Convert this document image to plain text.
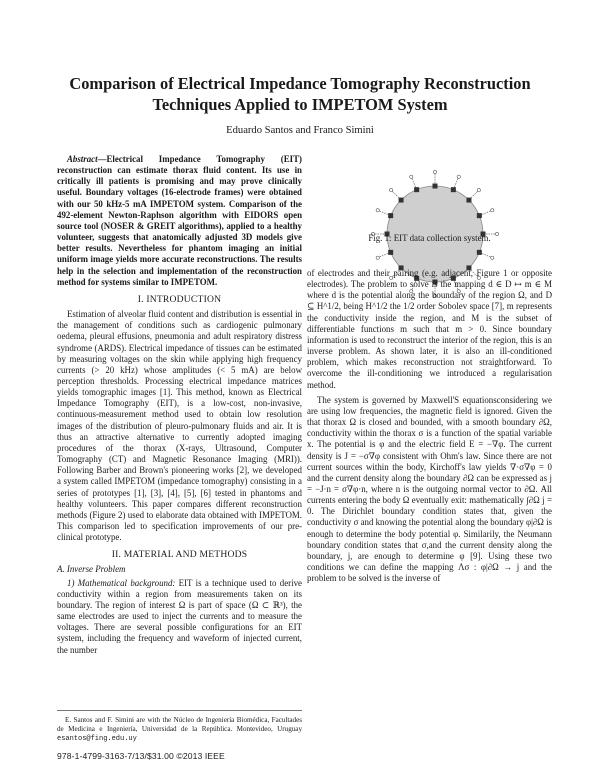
Comparison of Electrical Impedance Tomography Reconstruction
Techniques Applied to IMPETOM System
Eduardo Santos and Franco Simini

Abstract—Electrical Impedance Tomography (EIT) reconstruction can estimate thorax fluid content. Its use in critically ill patients is promising and may prove clinically useful. Boundary voltages (16-electrode frames) were obtained with our 50 kHz-5 mA IMPETOM system. Comparison of the 492-element Newton-Raphson algorithm with EIDORS open source tool (NOSER & GREIT algorithms), applied to a healthy volunteer, suggests that anatomically adjusted 3D models give better results. Nevertheless for phantom imaging an initial uniform image yields more accurate reconstructions. The results help in the selection and implementation of the reconstruction method for systems similar to IMPETOM.

I. INTRODUCTION

Estimation of alveolar fluid content and distribution is essential in the management of conditions such as cardiogenic pulmonary oedema, pleural effusions, pneumonia and adult respiratory distress syndrome (ARDS). Electrical impedance of tissues can be estimated by measuring voltages on the skin while applying high frequency currents (> 20 kHz) whose amplitudes (< 5 mA) are below perception thresholds. Processing electrical impedance matrices yields tomographic images [1]. This method, known as Electrical Impedance Tomography (EIT), is a low-cost, non-invasive, continuous-measurement method used to obtain low resolution images of the distribution of pleuro-pulmonary fluids and air. It is thus an attractive alternative to currently adopted imaging procedures of the thorax (X-rays, Ultrasound, Computer Tomography (CT) and Magnetic Resonance Imaging (MRI)). Following Barber and Brown's pioneering works [2], we developed a system called IMPETOM (impedance tomography) consisting in a series of prototypes [1], [3], [4], [5], [6] tested in phantoms and healthy volunteers. This paper compares different reconstruction methods (Figure 2) used to elaborate data obtained with IMPETOM. This comparison led to specification improvements of our pre-clinical prototype.

II. MATERIAL AND METHODS
A. Inverse Problem

1) Mathematical background: EIT is a technique used to derive conductivity within a region from measurements taken on its boundary. The region of interest Ω is part of space (Ω ⊂ ℝ³), the same electrodes are used to inject the currents and to measure the voltages. There are several possible configurations for an EIT system, including the frequency and waveform of injected current, the number

Fig. 1: EIT data collection system.

of electrodes and their pairing (e.g. adjacent, Figure 1 or opposite electrodes). The problem to solve is the mapping d ∈ D ↦ m ∈ M where d is the potential along the boundary of the region Ω, and D ⊆ H^1/2, being H^1/2 the 1/2 order Sobolev space [7], m represents the conductivity inside the region, and M is the subset of differentiable functions m such that m > 0. Since boundary information is used to reconstruct the interior of the region, this is an inverse problem. As shown later, it is also an ill-conditioned problem, which makes reconstruction not straightforward. To overcome the ill-conditioning we introduced a regularisation method.

The system is governed by Maxwell'S equationsconsidering we are using low frequencies, the magnetic field is ignored. Given the that thorax Ω is closed and bounded, with a smooth boundary ∂Ω, conductivity within the thorax σ is a function of the spatial variable x. The potential is φ and the electric field E = −∇φ. The current density is J = −σ∇φ consistent with Ohm's law. Since there are not current sources within the body, Kirchoff's law yields ∇·σ∇φ = 0 and the current density along the boundary ∂Ω can be expressed as j = −J·n = σ∇φ·n, where n is the outgoing normal vector to ∂Ω. All currents entering the body Ω eventually exit: mathematically ∫∂Ω j = 0. The Dirichlet boundary condition states that, given the conductivity σ and knowing the potential along the boundary φ|∂Ω is enough to determine the body potential φ. Similarily, the Neumann boundary condition states that σ,and the current density along the boundary, j, are enough to determine φ [9]. Using these two conditions we can define the mapping Λσ : φ|∂Ω → j and the problem to be solved is the inverse of

E. Santos and F. Simini are with the Núcleo de Ingeniería Biomédica, Facultades de Medicina e Ingeniería, Universidad de la República. Montevideo, Uruguay esantos@fing.edu.uy

978-1-4799-3163-7/13/$31.00 ©2013 IEEE
